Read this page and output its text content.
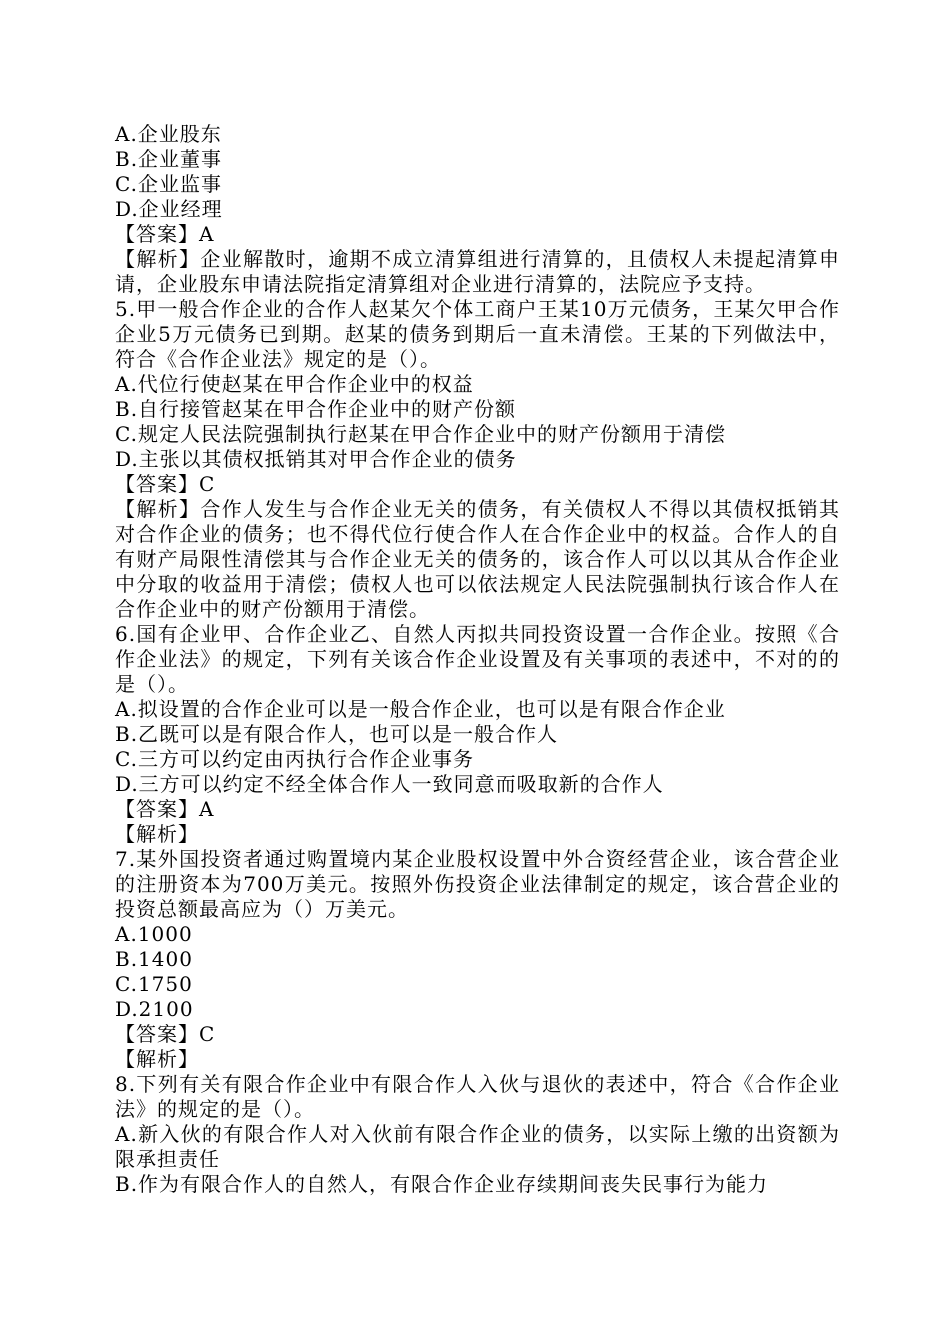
A.企业股东
B.企业董事
C.企业监事
D.企业经理
【答案】A
【解析】企业解散时，逾期不成立清算组进行清算的，且债权人未提起清算申请，企业股东申请法院指定清算组对企业进行清算的，法院应予支持。
5.甲一般合作企业的合作人赵某欠个体工商户王某10万元债务，王某欠甲合作企业5万元债务已到期。赵某的债务到期后一直未清偿。王某的下列做法中，符合《合作企业法》规定的是（）。
A.代位行使赵某在甲合作企业中的权益
B.自行接管赵某在甲合作企业中的财产份额
C.规定人民法院强制执行赵某在甲合作企业中的财产份额用于清偿
D.主张以其债权抵销其对甲合作企业的债务
【答案】C
【解析】合作人发生与合作企业无关的债务，有关债权人不得以其债权抵销其对合作企业的债务；也不得代位行使合作人在合作企业中的权益。合作人的自有财产局限性清偿其与合作企业无关的债务的，该合作人可以以其从合作企业中分取的收益用于清偿；债权人也可以依法规定人民法院强制执行该合作人在合作企业中的财产份额用于清偿。
6.国有企业甲、合作企业乙、自然人丙拟共同投资设置一合作企业。按照《合作企业法》的规定，下列有关该合作企业设置及有关事项的表述中，不对的的是（）。
A.拟设置的合作企业可以是一般合作企业，也可以是有限合作企业
B.乙既可以是有限合作人，也可以是一般合作人
C.三方可以约定由丙执行合作企业事务
D.三方可以约定不经全体合作人一致同意而吸取新的合作人
【答案】A
【解析】
7.某外国投资者通过购置境内某企业股权设置中外合资经营企业，该合营企业的注册资本为700万美元。按照外伤投资企业法律制定的规定，该合营企业的投资总额最高应为（）万美元。
A.1000
B.1400
C.1750
D.2100
【答案】C
【解析】
8.下列有关有限合作企业中有限合作人入伙与退伙的表述中，符合《合作企业法》的规定的是（）。
A.新入伙的有限合作人对入伙前有限合作企业的债务，以实际上缴的出资额为限承担责任
B.作为有限合作人的自然人，有限合作企业存续期间丧失民事行为能力
